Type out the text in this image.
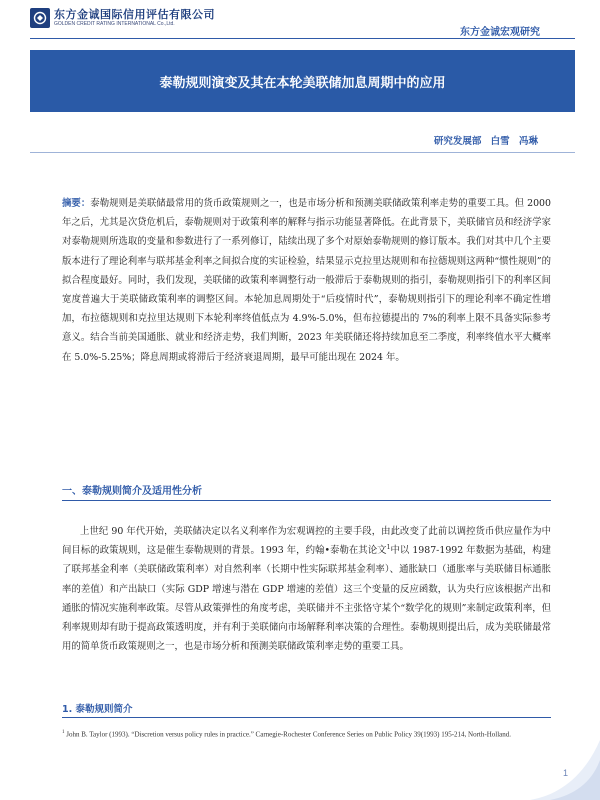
东方金诚国际信用评估有限公司
GOLDEN CREDIT RATING INTERNATIONAL Co.,Ltd.
东方金诚宏观研究
泰勒规则演变及其在本轮美联储加息周期中的应用
研究发展部 白雪 冯琳
摘要：泰勒规则是美联储最常用的货币政策规则之一，也是市场分析和预测美联储政策利率走势的重要工具。但 2000 年之后，尤其是次贷危机后，泰勒规则对于政策利率的解释与指示功能显著降低。在此背景下，美联储官员和经济学家对泰勒规则所选取的变量和参数进行了一系列修订，陆续出现了多个对原始泰勒规则的修订版本。我们对其中几个主要版本进行了理论利率与联邦基金利率之间拟合度的实证检验，结果显示克拉里达规则和布拉德规则这两种“惯性规则”的拟合程度最好。同时，我们发现，美联储的政策利率调整行动一般滞后于泰勒规则的指引，泰勒规则指引下的利率区间宽度普遍大于美联储政策利率的调整区间。本轮加息周期处于“后疫情时代”，泰勒规则指引下的理论利率不确定性增加，布拉德规则和克拉里达规则下本轮利率终值低点为 4.9%-5.0%，但布拉德提出的 7%的利率上限不具备实际参考意义。结合当前美国通胀、就业和经济走势，我们判断，2023 年美联储还将持续加息至二季度，利率终值水平大概率在 5.0%-5.25%；降息周期或将滞后于经济衰退周期，最早可能出现在 2024 年。
一、泰勒规则简介及适用性分析
上世纪 90 年代开始，美联储决定以名义利率作为宏观调控的主要手段，由此改变了此前以调控货币供应量作为中间目标的政策规则，这是催生泰勒规则的背景。1993 年，约翰•泰勒在其论文$^1$中以 1987-1992 年数据为基础，构建了联邦基金利率（美联储政策利率）对自然利率（长期中性实际联邦基金利率）、通胀缺口（通胀率与美联储目标通胀率的差值）和产出缺口（实际 GDP 增速与潜在 GDP 增速的差值）这三个变量的反应函数，认为央行应该根据产出和通胀的情况实施利率政策。尽管从政策弹性的角度考虑，美联储并不主张恪守某个“数学化的规则”来制定政策利率，但利率规则却有助于提高政策透明度，并有利于美联储向市场解释利率决策的合理性。泰勒规则提出后，成为美联储最常用的简单货币政策规则之一，也是市场分析和预测美联储政策利率走势的重要工具。
1. 泰勒规则简介
$^1$ John B. Taylor (1993). “Discretion versus policy rules in practice.” Carnegie-Rochester Conference Series on Public Policy 39(1993) 195-214, North-Holland.
1
